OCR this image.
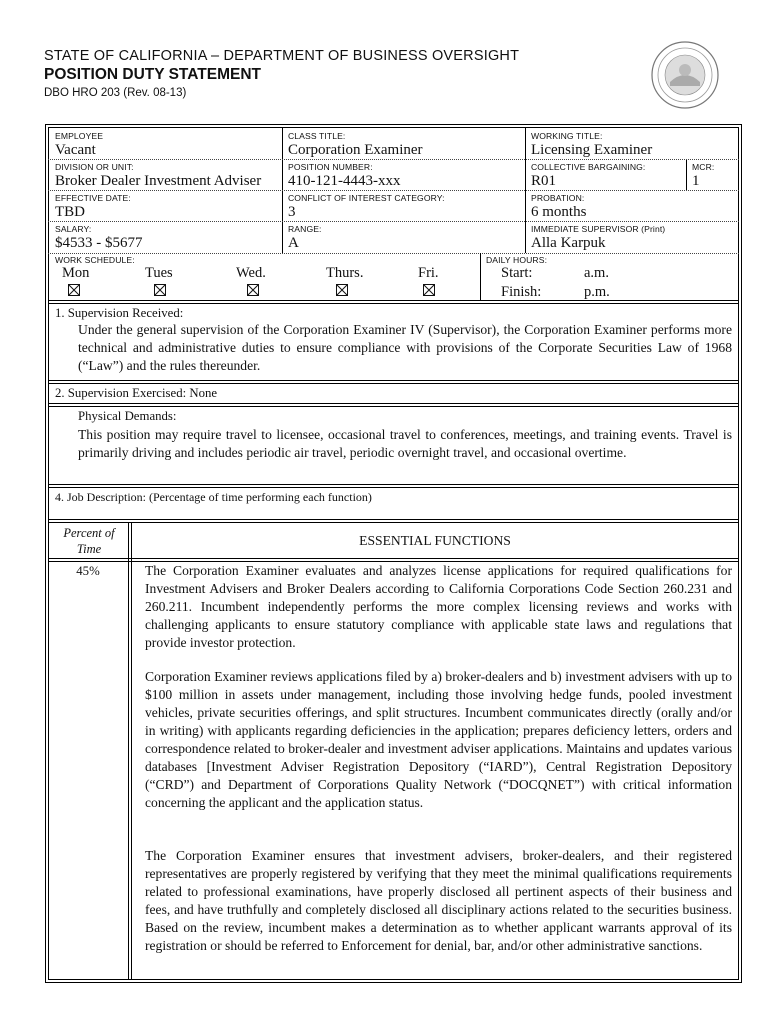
STATE OF CALIFORNIA – DEPARTMENT OF BUSINESS OVERSIGHT
POSITION DUTY STATEMENT
DBO HRO 203 (Rev. 08-13)
EMPLOYEE
Vacant
CLASS TITLE:
Corporation Examiner
WORKING TITLE:
Licensing Examiner
DIVISION OR UNIT:
Broker Dealer Investment Adviser
POSITION NUMBER:
410-121-4443-xxx
COLLECTIVE BARGAINING:
R01
MCR:
1
EFFECTIVE DATE:
TBD
CONFLICT OF INTEREST CATEGORY:
3
PROBATION:
6 months
SALARY:
$4533 - $5677
RANGE:
A
IMMEDIATE SUPERVISOR (Print)
Alla Karpuk
WORK SCHEDULE:
Mon	Tues	Wed.	Thurs.	Fri.
DAILY HOURS:
Start:	a.m.
Finish:	p.m.
1. Supervision Received:
Under the general supervision of the Corporation Examiner IV (Supervisor), the Corporation Examiner performs more technical and administrative duties to ensure compliance with provisions of the Corporate Securities Law of 1968 (“Law”) and the rules thereunder.
2. Supervision Exercised: None
Physical Demands:
This position may require travel to licensee, occasional travel to conferences, meetings, and training events. Travel is primarily driving and includes periodic air travel, periodic overnight travel, and occasional overtime.
4. Job Description: (Percentage of time performing each function)
Percent of Time
ESSENTIAL FUNCTIONS
45%	The Corporation Examiner evaluates and analyzes license applications for required qualifications for Investment Advisers and Broker Dealers according to California Corporations Code Section 260.231 and 260.211. Incumbent independently performs the more complex licensing reviews and works with challenging applicants to ensure statutory compliance with applicable state laws and regulations that provide investor protection.
Corporation Examiner reviews applications filed by a) broker-dealers and b) investment advisers with up to $100 million in assets under management, including those involving hedge funds, pooled investment vehicles, private securities offerings, and split structures. Incumbent communicates directly (orally and/or in writing) with applicants regarding deficiencies in the application; prepares deficiency letters, orders and correspondence related to broker-dealer and investment adviser applications. Maintains and updates various databases [Investment Adviser Registration Depository (“IARD”), Central Registration Depository (“CRD”) and Department of Corporations Quality Network (“DOCQNET”) with critical information concerning the applicant and the application status.
The Corporation Examiner ensures that investment advisers, broker-dealers, and their registered representatives are properly registered by verifying that they meet the minimal qualifications requirements related to professional examinations, have properly disclosed all pertinent aspects of their business and fees, and have truthfully and completely disclosed all disciplinary actions related to the securities business. Based on the review, incumbent makes a determination as to whether applicant warrants approval of its registration or should be referred to Enforcement for denial, bar, and/or other administrative sanctions.
